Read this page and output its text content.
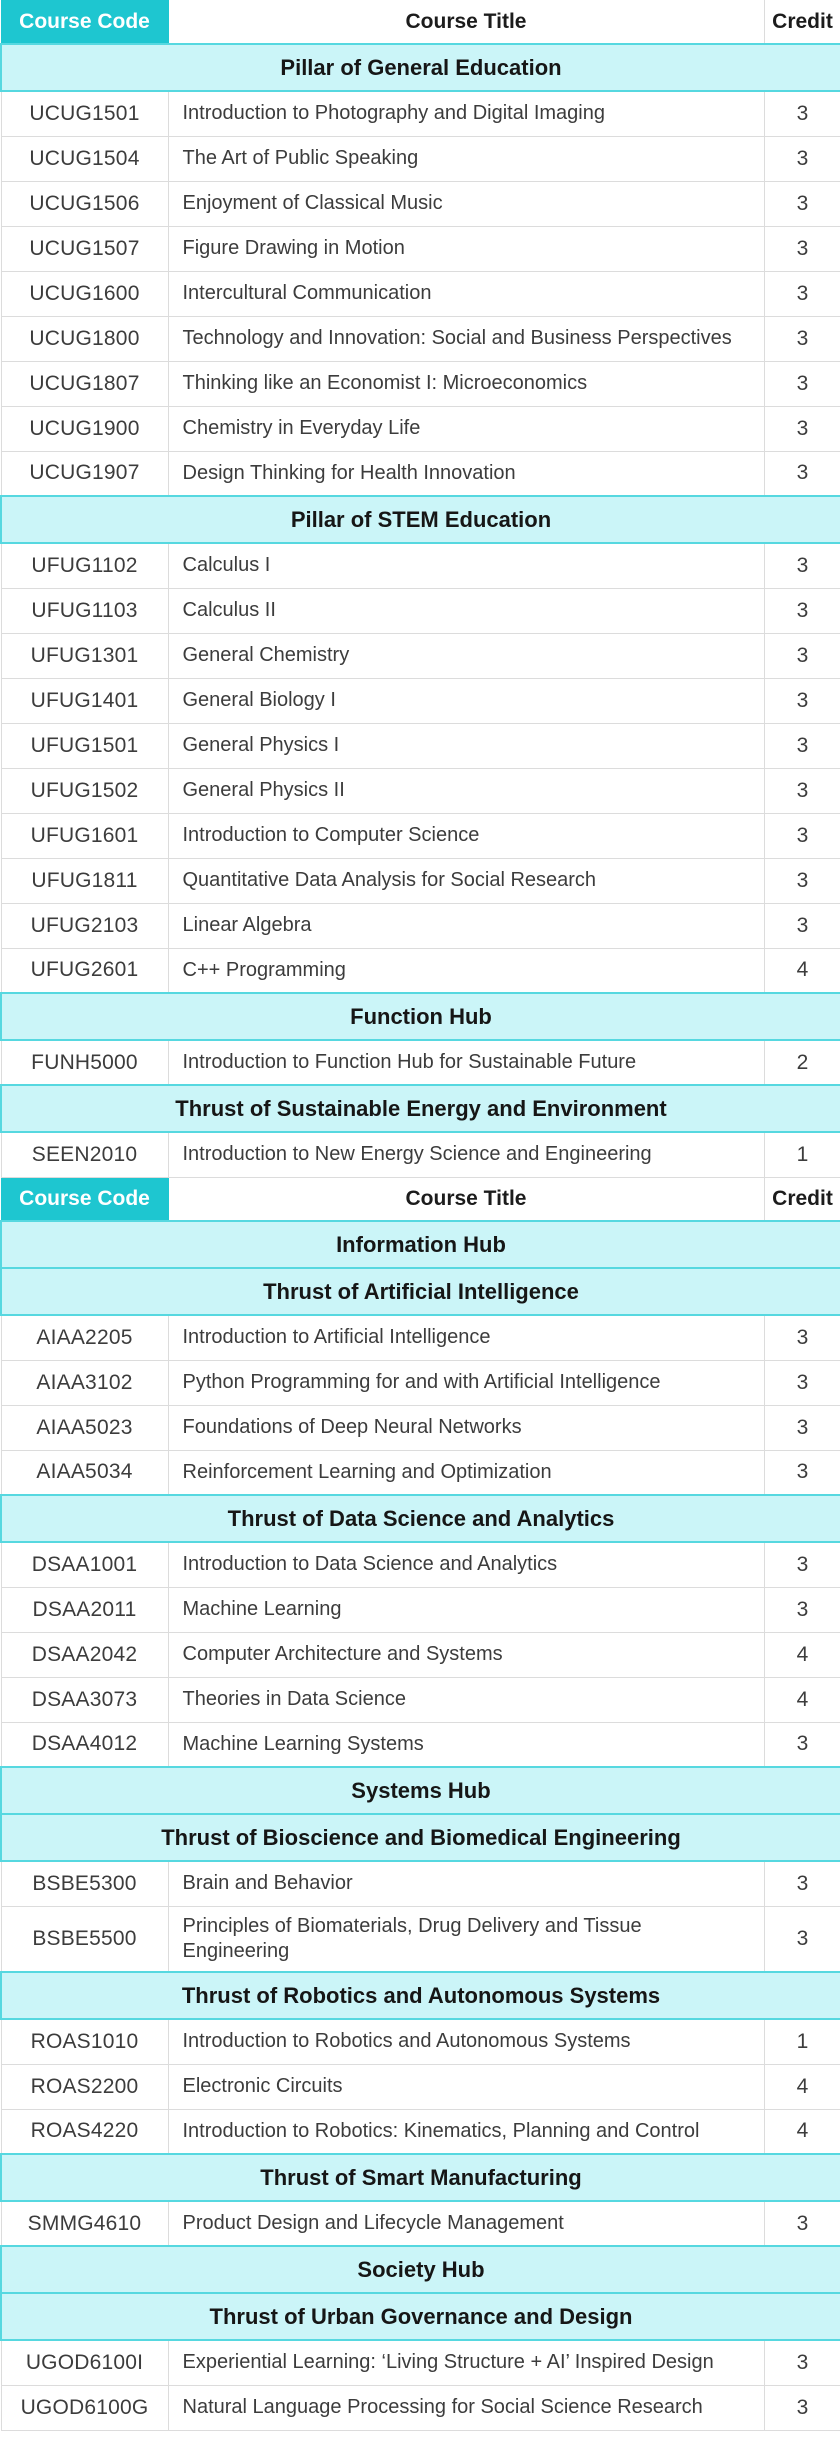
Course Code	Course Title	Credit
Pillar of General Education		
UCUG1501	Introduction to Photography and Digital Imaging	3
UCUG1504	The Art of Public Speaking	3
UCUG1506	Enjoyment of Classical Music	3
UCUG1507	Figure Drawing in Motion	3
UCUG1600	Intercultural Communication	3
UCUG1800	Technology and Innovation: Social and Business Perspectives	3
UCUG1807	Thinking like an Economist I: Microeconomics	3
UCUG1900	Chemistry in Everyday Life	3
UCUG1907	Design Thinking for Health Innovation	3
Pillar of STEM Education		
UFUG1102	Calculus I	3
UFUG1103	Calculus II	3
UFUG1301	General Chemistry	3
UFUG1401	General Biology I	3
UFUG1501	General Physics I	3
UFUG1502	General Physics II	3
UFUG1601	Introduction to Computer Science	3
UFUG1811	Quantitative Data Analysis for Social Research	3
UFUG2103	Linear Algebra	3
UFUG2601	C++ Programming	4
Function Hub		
FUNH5000	Introduction to Function Hub for Sustainable Future	2
Thrust of Sustainable Energy and Environment		
SEEN2010	Introduction to New Energy Science and Engineering	1
Course Code	Course Title	Credit
Information Hub		
Thrust of Artificial Intelligence		
AIAA2205	Introduction to Artificial Intelligence	3
AIAA3102	Python Programming for and with Artificial Intelligence	3
AIAA5023	Foundations of Deep Neural Networks	3
AIAA5034	Reinforcement Learning and Optimization	3
Thrust of Data Science and Analytics		
DSAA1001	Introduction to Data Science and Analytics	3
DSAA2011	Machine Learning	3
DSAA2042	Computer Architecture and Systems	4
DSAA3073	Theories in Data Science	4
DSAA4012	Machine Learning Systems	3
Systems Hub		
Thrust of Bioscience and Biomedical Engineering		
BSBE5300	Brain and Behavior	3
BSBE5500	Principles of Biomaterials, Drug Delivery and Tissue Engineering	3
Thrust of Robotics and Autonomous Systems		
ROAS1010	Introduction to Robotics and Autonomous Systems	1
ROAS2200	Electronic Circuits	4
ROAS4220	Introduction to Robotics: Kinematics, Planning and Control	4
Thrust of Smart Manufacturing		
SMMG4610	Product Design and Lifecycle Management	3
Society Hub		
Thrust of Urban Governance and Design		
UGOD6100I	Experiential Learning: ‘Living Structure + AI’ Inspired Design	3
UGOD6100G	Natural Language Processing for Social Science Research	3
